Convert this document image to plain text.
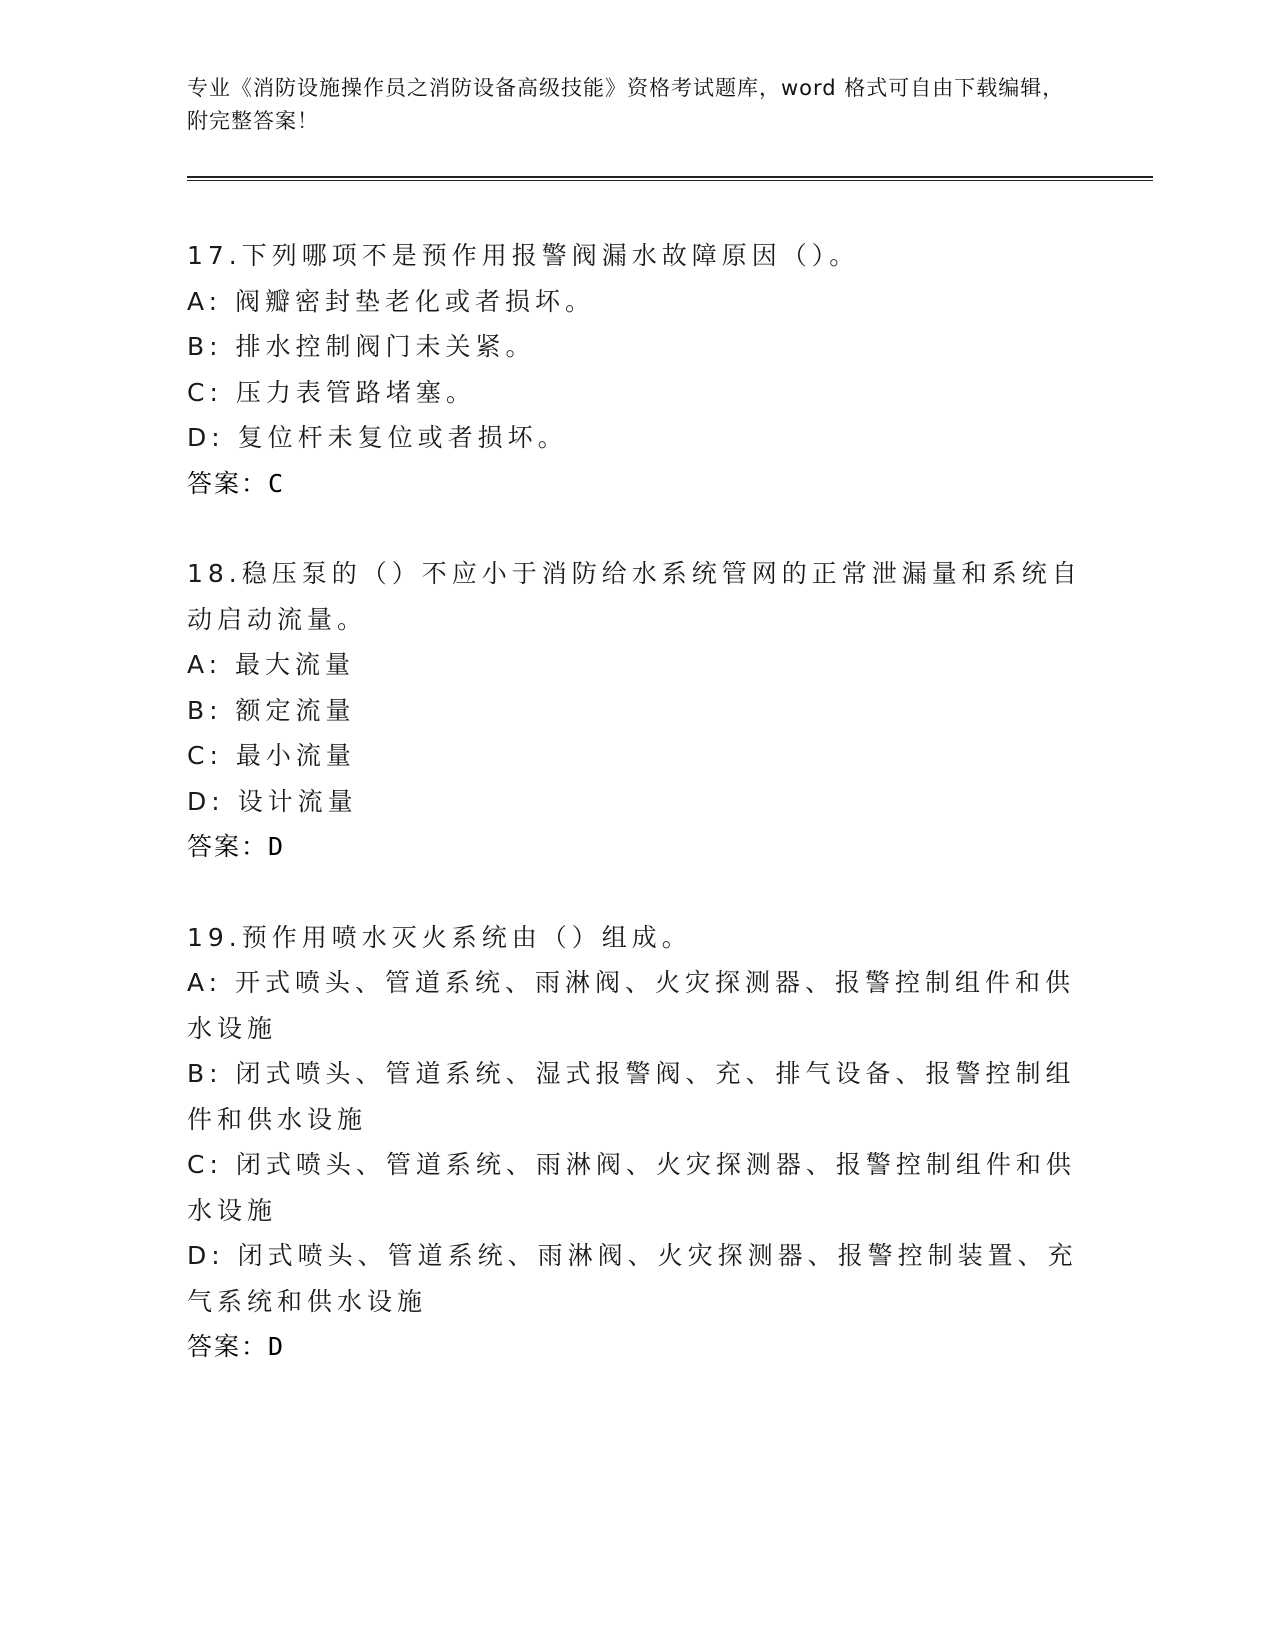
专业《消防设施操作员之消防设备高级技能》资格考试题库，word 格式可自由下载编辑，附完整答案！

17.下列哪项不是预作用报警阀漏水故障原因（）。

A: 阀瓣密封垫老化或者损坏。

B: 排水控制阀门未关紧。

C: 压力表管路堵塞。

D: 复位杆未复位或者损坏。

答案：C

18.稳压泵的（）不应小于消防给水系统管网的正常泄漏量和系统自动启动流量。

A: 最大流量

B: 额定流量

C: 最小流量

D: 设计流量

答案：D

19.预作用喷水灭火系统由（）组成。

A: 开式喷头、管道系统、雨淋阀、火灾探测器、报警控制组件和供水设施

B: 闭式喷头、管道系统、湿式报警阀、充、排气设备、报警控制组件和供水设施

C: 闭式喷头、管道系统、雨淋阀、火灾探测器、报警控制组件和供水设施

D: 闭式喷头、管道系统、雨淋阀、火灾探测器、报警控制装置、充气系统和供水设施

答案：D
